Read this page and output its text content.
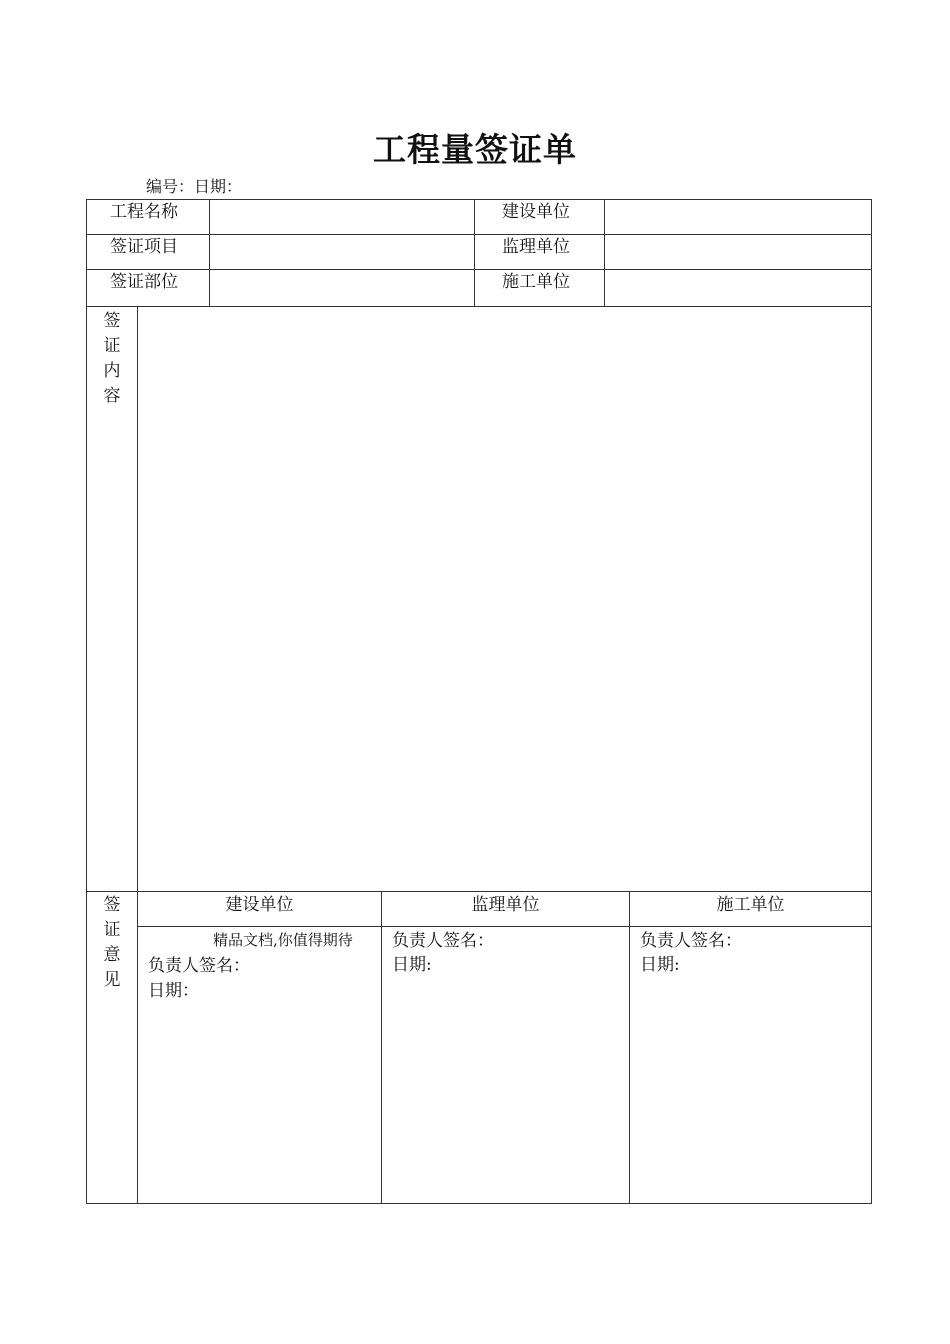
工程量签证单
编号：日期：
工程名称
签证项目
签证部位
建设单位
监理单位
施工单位
签
证
内
容
签
证
意
见
建设单位	监理单位	施工单位
精品文档,你值得期待
负责人签名：
日期：
负责人签名：
日期:
负责人签名：
日期:
